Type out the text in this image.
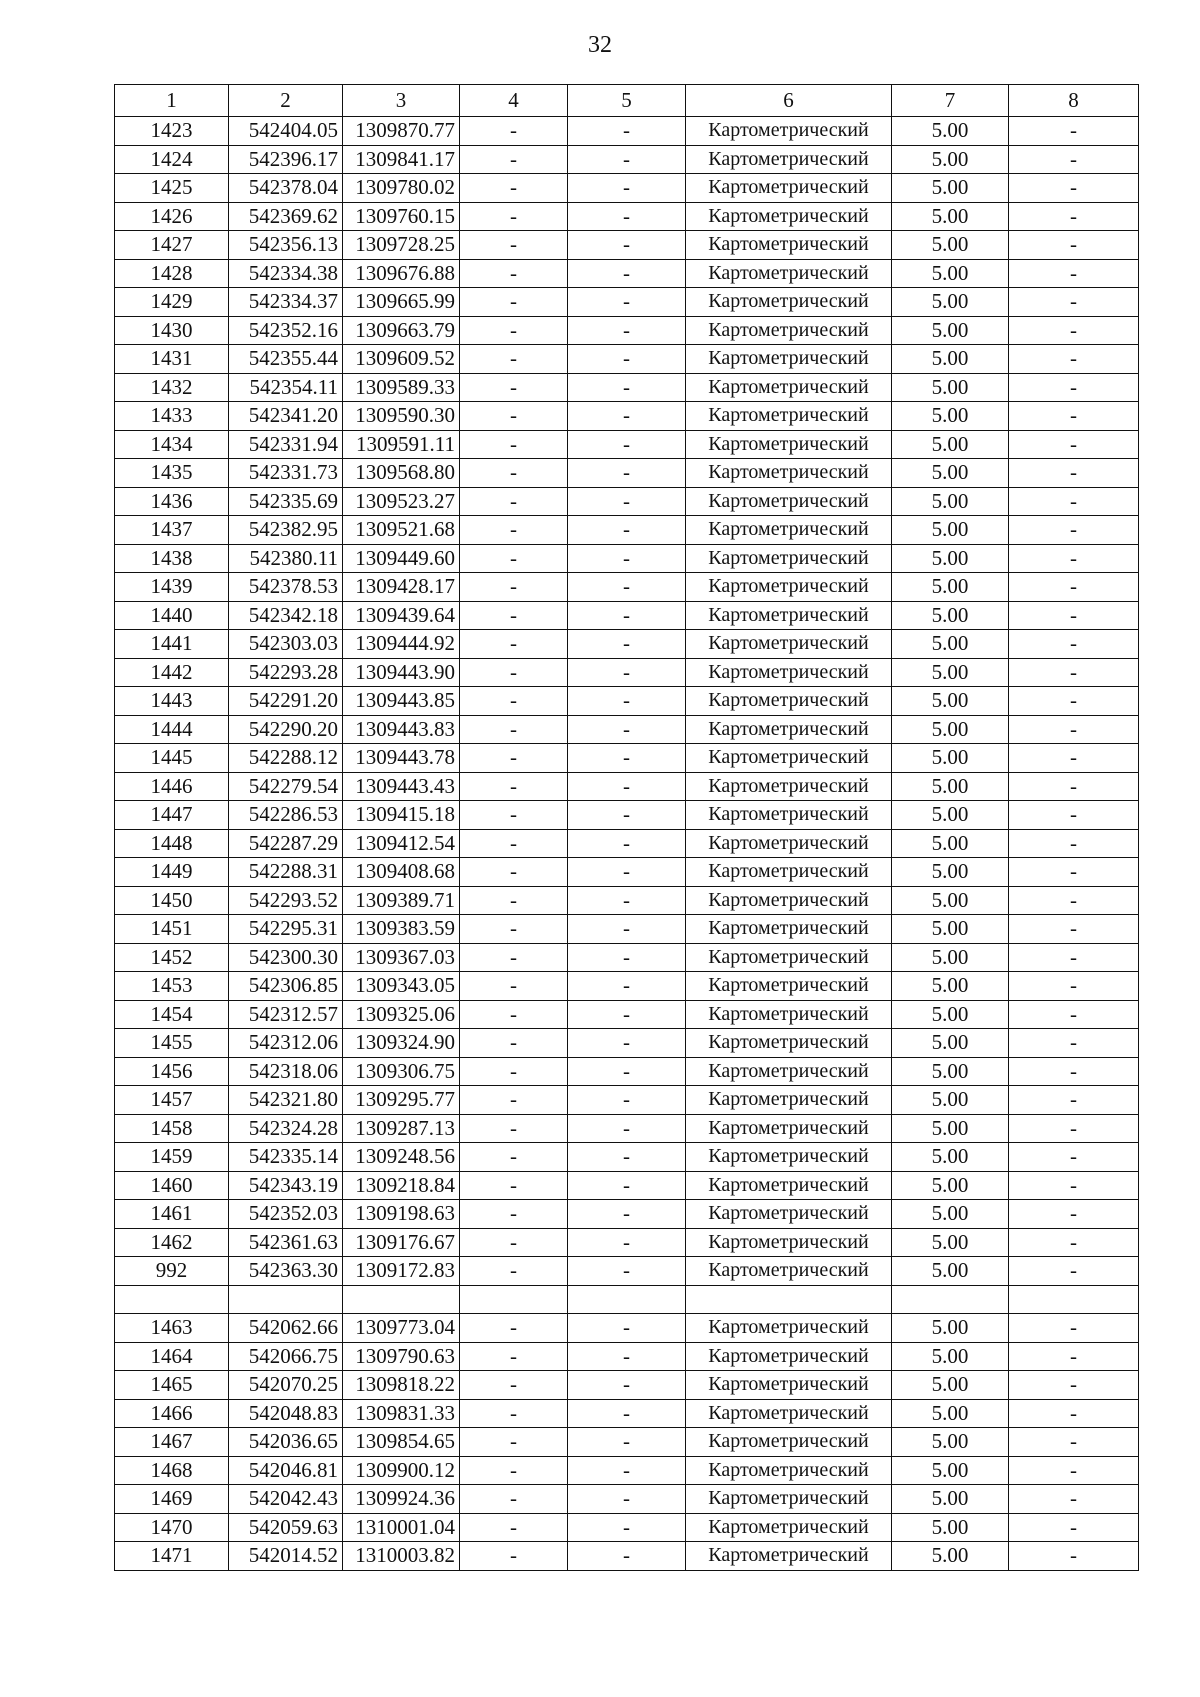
32
1	2	3	4	5	6	7	8
1423	542404.05	1309870.77	-	-	Картометрический	5.00	-
1424	542396.17	1309841.17	-	-	Картометрический	5.00	-
1425	542378.04	1309780.02	-	-	Картометрический	5.00	-
1426	542369.62	1309760.15	-	-	Картометрический	5.00	-
1427	542356.13	1309728.25	-	-	Картометрический	5.00	-
1428	542334.38	1309676.88	-	-	Картометрический	5.00	-
1429	542334.37	1309665.99	-	-	Картометрический	5.00	-
1430	542352.16	1309663.79	-	-	Картометрический	5.00	-
1431	542355.44	1309609.52	-	-	Картометрический	5.00	-
1432	542354.11	1309589.33	-	-	Картометрический	5.00	-
1433	542341.20	1309590.30	-	-	Картометрический	5.00	-
1434	542331.94	1309591.11	-	-	Картометрический	5.00	-
1435	542331.73	1309568.80	-	-	Картометрический	5.00	-
1436	542335.69	1309523.27	-	-	Картометрический	5.00	-
1437	542382.95	1309521.68	-	-	Картометрический	5.00	-
1438	542380.11	1309449.60	-	-	Картометрический	5.00	-
1439	542378.53	1309428.17	-	-	Картометрический	5.00	-
1440	542342.18	1309439.64	-	-	Картометрический	5.00	-
1441	542303.03	1309444.92	-	-	Картометрический	5.00	-
1442	542293.28	1309443.90	-	-	Картометрический	5.00	-
1443	542291.20	1309443.85	-	-	Картометрический	5.00	-
1444	542290.20	1309443.83	-	-	Картометрический	5.00	-
1445	542288.12	1309443.78	-	-	Картометрический	5.00	-
1446	542279.54	1309443.43	-	-	Картометрический	5.00	-
1447	542286.53	1309415.18	-	-	Картометрический	5.00	-
1448	542287.29	1309412.54	-	-	Картометрический	5.00	-
1449	542288.31	1309408.68	-	-	Картометрический	5.00	-
1450	542293.52	1309389.71	-	-	Картометрический	5.00	-
1451	542295.31	1309383.59	-	-	Картометрический	5.00	-
1452	542300.30	1309367.03	-	-	Картометрический	5.00	-
1453	542306.85	1309343.05	-	-	Картометрический	5.00	-
1454	542312.57	1309325.06	-	-	Картометрический	5.00	-
1455	542312.06	1309324.90	-	-	Картометрический	5.00	-
1456	542318.06	1309306.75	-	-	Картометрический	5.00	-
1457	542321.80	1309295.77	-	-	Картометрический	5.00	-
1458	542324.28	1309287.13	-	-	Картометрический	5.00	-
1459	542335.14	1309248.56	-	-	Картометрический	5.00	-
1460	542343.19	1309218.84	-	-	Картометрический	5.00	-
1461	542352.03	1309198.63	-	-	Картометрический	5.00	-
1462	542361.63	1309176.67	-	-	Картометрический	5.00	-
992	542363.30	1309172.83	-	-	Картометрический	5.00	-

1463	542062.66	1309773.04	-	-	Картометрический	5.00	-
1464	542066.75	1309790.63	-	-	Картометрический	5.00	-
1465	542070.25	1309818.22	-	-	Картометрический	5.00	-
1466	542048.83	1309831.33	-	-	Картометрический	5.00	-
1467	542036.65	1309854.65	-	-	Картометрический	5.00	-
1468	542046.81	1309900.12	-	-	Картометрический	5.00	-
1469	542042.43	1309924.36	-	-	Картометрический	5.00	-
1470	542059.63	1310001.04	-	-	Картометрический	5.00	-
1471	542014.52	1310003.82	-	-	Картометрический	5.00	-
